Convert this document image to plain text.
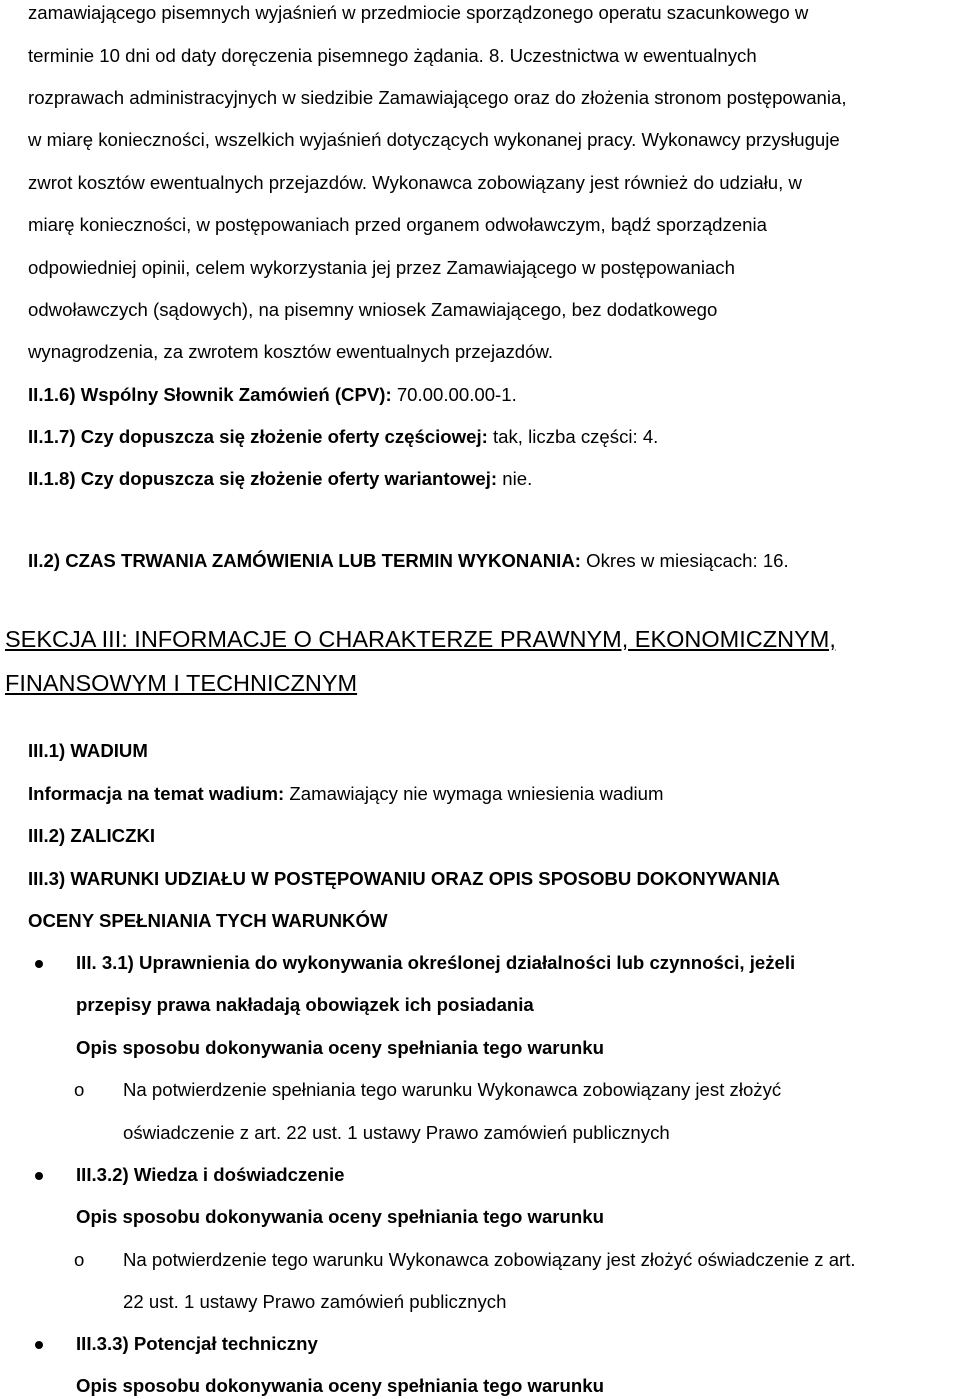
zamawiającego pisemnych wyjaśnień w przedmiocie sporządzonego operatu szacunkowego w
terminie 10 dni od daty doręczenia pisemnego żądania. 8. Uczestnictwa w ewentualnych
rozprawach administracyjnych w siedzibie Zamawiającego oraz do złożenia stronom postępowania,
w miarę konieczności, wszelkich wyjaśnień dotyczących wykonanej pracy. Wykonawcy przysługuje
zwrot kosztów ewentualnych przejazdów. Wykonawca zobowiązany jest również do udziału, w
miarę konieczności, w postępowaniach przed organem odwoławczym, bądź sporządzenia
odpowiedniej opinii, celem wykorzystania jej przez Zamawiającego w postępowaniach
odwoławczych (sądowych), na pisemny wniosek Zamawiającego, bez dodatkowego
wynagrodzenia, za zwrotem kosztów ewentualnych przejazdów.
II.1.6) Wspólny Słownik Zamówień (CPV): 70.00.00.00-1.
II.1.7) Czy dopuszcza się złożenie oferty częściowej: tak, liczba części: 4.
II.1.8) Czy dopuszcza się złożenie oferty wariantowej: nie.
II.2) CZAS TRWANIA ZAMÓWIENIA LUB TERMIN WYKONANIA: Okres w miesiącach: 16.
SEKCJA III: INFORMACJE O CHARAKTERZE PRAWNYM, EKONOMICZNYM,
FINANSOWYM I TECHNICZNYM
III.1) WADIUM
Informacja na temat wadium: Zamawiający nie wymaga wniesienia wadium
III.2) ZALICZKI
III.3) WARUNKI UDZIAŁU W POSTĘPOWANIU ORAZ OPIS SPOSOBU DOKONYWANIA
OCENY SPEŁNIANIA TYCH WARUNKÓW
III. 3.1) Uprawnienia do wykonywania określonej działalności lub czynności, jeżeli
przepisy prawa nakładają obowiązek ich posiadania
Opis sposobu dokonywania oceny spełniania tego warunku
o Na potwierdzenie spełniania tego warunku Wykonawca zobowiązany jest złożyć
oświadczenie z art. 22 ust. 1 ustawy Prawo zamówień publicznych
III.3.2) Wiedza i doświadczenie
Opis sposobu dokonywania oceny spełniania tego warunku
o Na potwierdzenie tego warunku Wykonawca zobowiązany jest złożyć oświadczenie z art.
22 ust. 1 ustawy Prawo zamówień publicznych
III.3.3) Potencjał techniczny
Opis sposobu dokonywania oceny spełniania tego warunku
